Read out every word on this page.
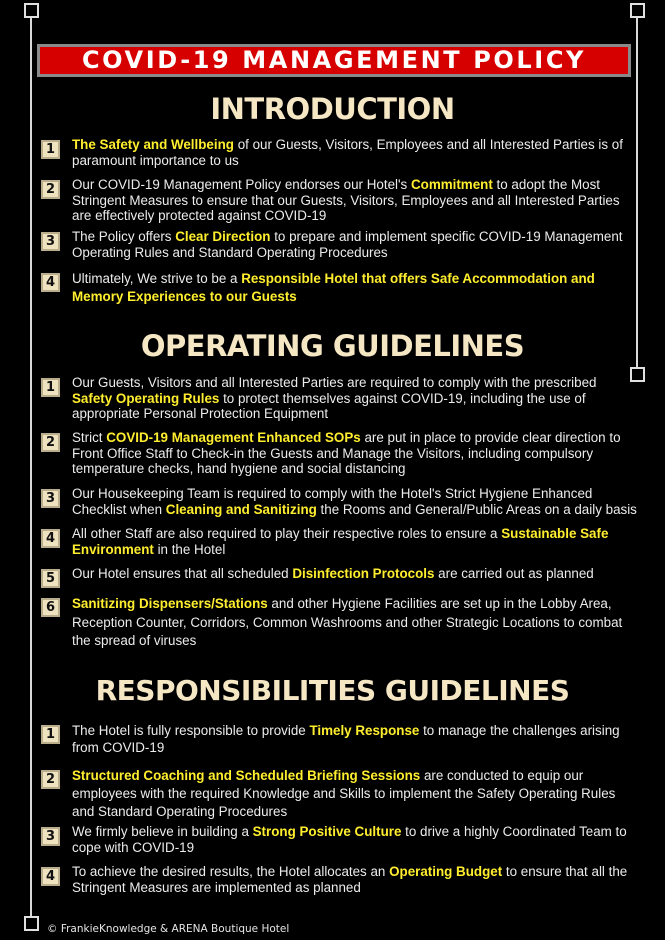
COVID-19 MANAGEMENT POLICY
INTRODUCTION
1	The Safety and Wellbeing of our Guests, Visitors, Employees and all Interested Parties is of paramount importance to us
2	Our COVID-19 Management Policy endorses our Hotel's Commitment to adopt the Most Stringent Measures to ensure that our Guests, Visitors, Employees and all Interested Parties are effectively protected against COVID-19
3	The Policy offers Clear Direction to prepare and implement specific COVID-19 Management Operating Rules and Standard Operating Procedures
4	Ultimately, We strive to be a Responsible Hotel that offers Safe Accommodation and Memory Experiences to our Guests
OPERATING GUIDELINES
1	Our Guests, Visitors and all Interested Parties are required to comply with the prescribed Safety Operating Rules to protect themselves against COVID-19, including the use of appropriate Personal Protection Equipment
2	Strict COVID-19 Management Enhanced SOPs are put in place to provide clear direction to Front Office Staff to Check-in the Guests and Manage the Visitors, including compulsory temperature checks, hand hygiene and social distancing
3	Our Housekeeping Team is required to comply with the Hotel's Strict Hygiene Enhanced Checklist when Cleaning and Sanitizing the Rooms and General/Public Areas on a daily basis
4	All other Staff are also required to play their respective roles to ensure a Sustainable Safe Environment in the Hotel
5	Our Hotel ensures that all scheduled Disinfection Protocols are carried out as planned
6	Sanitizing Dispensers/Stations and other Hygiene Facilities are set up in the Lobby Area, Reception Counter, Corridors, Common Washrooms and other Strategic Locations to combat the spread of viruses
RESPONSIBILITIES GUIDELINES
1	The Hotel is fully responsible to provide Timely Response to manage the challenges arising from COVID-19
2	Structured Coaching and Scheduled Briefing Sessions are conducted to equip our employees with the required Knowledge and Skills to implement the Safety Operating Rules and Standard Operating Procedures
3	We firmly believe in building a Strong Positive Culture to drive a highly Coordinated Team to cope with COVID-19
4	To achieve the desired results, the Hotel allocates an Operating Budget to ensure that all the Stringent Measures are implemented as planned
© FrankieKnowledge & ARENA Boutique Hotel
